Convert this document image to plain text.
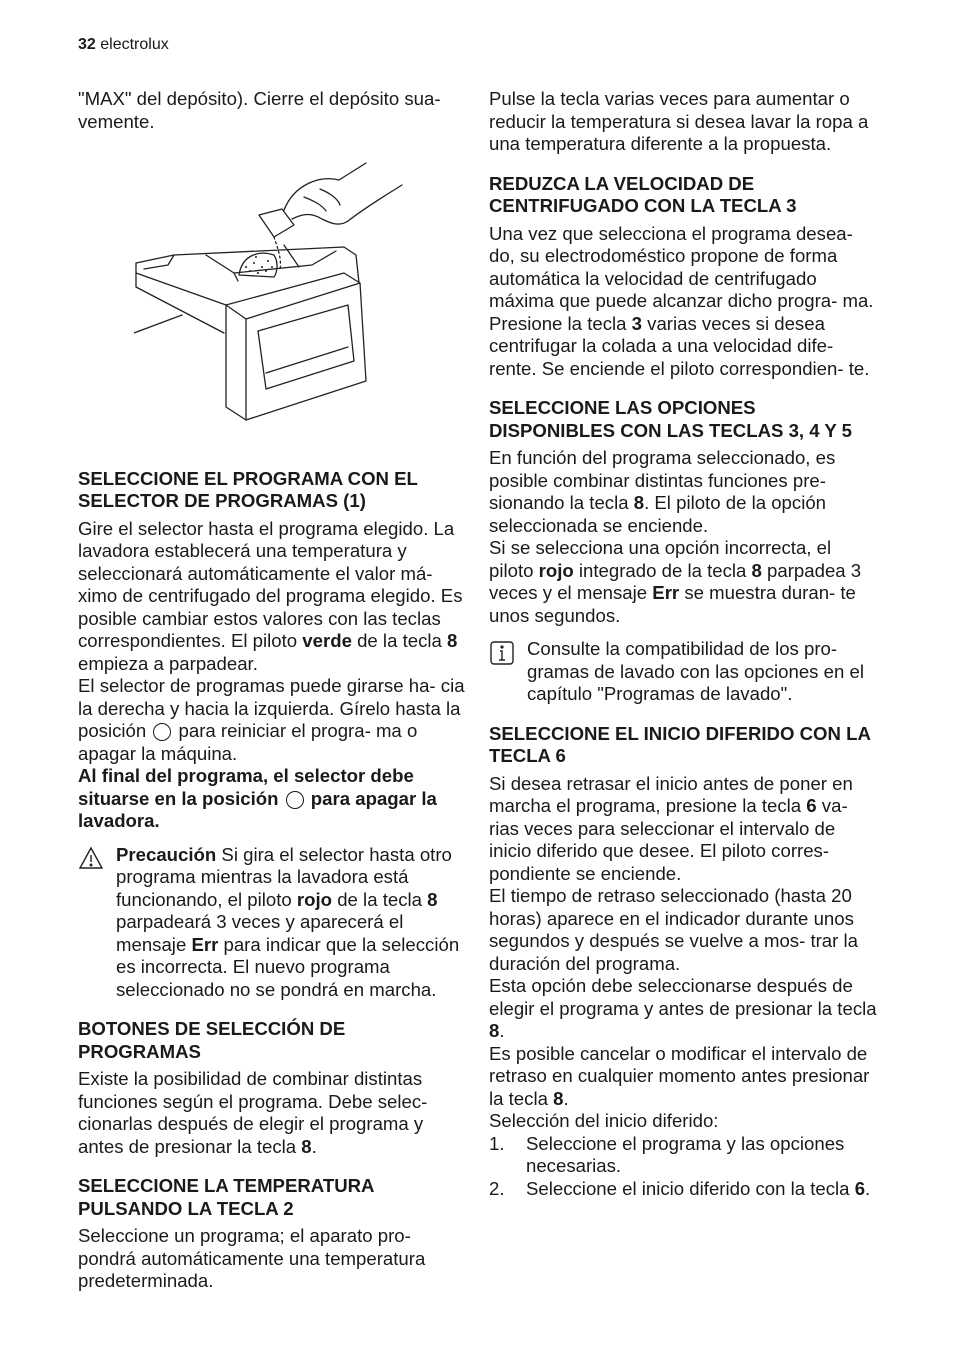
32 electrolux

"MAX" del depósito). Cierre el depósito sua- vemente.

SELECCIONE EL PROGRAMA CON EL SELECTOR DE PROGRAMAS (1)

Gire el selector hasta el programa elegido. La lavadora establecerá una temperatura y seleccionará automáticamente el valor má- ximo de centrifugado del programa elegido. Es posible cambiar estos valores con las teclas correspondientes. El piloto verde de la tecla 8 empieza a parpadear.

El selector de programas puede girarse ha- cia la derecha y hacia la izquierda. Gírelo hasta la posición  para reiniciar el progra- ma o apagar la máquina.

Al final del programa, el selector debe situarse en la posición  para apagar la lavadora.

Precaución Si gira el selector hasta otro programa mientras la lavadora está funcionando, el piloto rojo de la tecla 8 parpadeará 3 veces y aparecerá el mensaje Err para indicar que la selección es incorrecta. El nuevo programa seleccionado no se pondrá en marcha.

BOTONES DE SELECCIÓN DE PROGRAMAS

Existe la posibilidad de combinar distintas funciones según el programa. Debe selec- cionarlas después de elegir el programa y antes de presionar la tecla 8.

SELECCIONE LA TEMPERATURA PULSANDO LA TECLA 2

Seleccione un programa; el aparato pro- pondrá automáticamente una temperatura predeterminada.

Pulse la tecla varias veces para aumentar o reducir la temperatura si desea lavar la ropa a una temperatura diferente a la propuesta.

REDUZCA LA VELOCIDAD DE CENTRIFUGADO CON LA TECLA 3

Una vez que selecciona el programa desea- do, su electrodoméstico propone de forma automática la velocidad de centrifugado máxima que puede alcanzar dicho progra- ma.

Presione la tecla 3 varias veces si desea centrifugar la colada a una velocidad dife- rente. Se enciende el piloto correspondien- te.

SELECCIONE LAS OPCIONES DISPONIBLES CON LAS TECLAS 3, 4 Y 5

En función del programa seleccionado, es posible combinar distintas funciones pre- sionando la tecla 8. El piloto de la opción seleccionada se enciende.

Si se selecciona una opción incorrecta, el piloto rojo integrado de la tecla 8 parpadea 3 veces y el mensaje Err se muestra duran- te unos segundos.

Consulte la compatibilidad de los pro- gramas de lavado con las opciones en el capítulo "Programas de lavado".

SELECCIONE EL INICIO DIFERIDO CON LA TECLA 6

Si desea retrasar el inicio antes de poner en marcha el programa, presione la tecla 6 va- rias veces para seleccionar el intervalo de inicio diferido que desee. El piloto corres- pondiente se enciende.

El tiempo de retraso seleccionado (hasta 20 horas) aparece en el indicador durante unos segundos y después se vuelve a mos- trar la duración del programa.

Esta opción debe seleccionarse después de elegir el programa y antes de presionar la tecla 8.

Es posible cancelar o modificar el intervalo de retraso en cualquier momento antes presionar la tecla 8.

Selección del inicio diferido:

1.	Seleccione el programa y las opciones necesarias.
2.	Seleccione el inicio diferido con la tecla 6.
